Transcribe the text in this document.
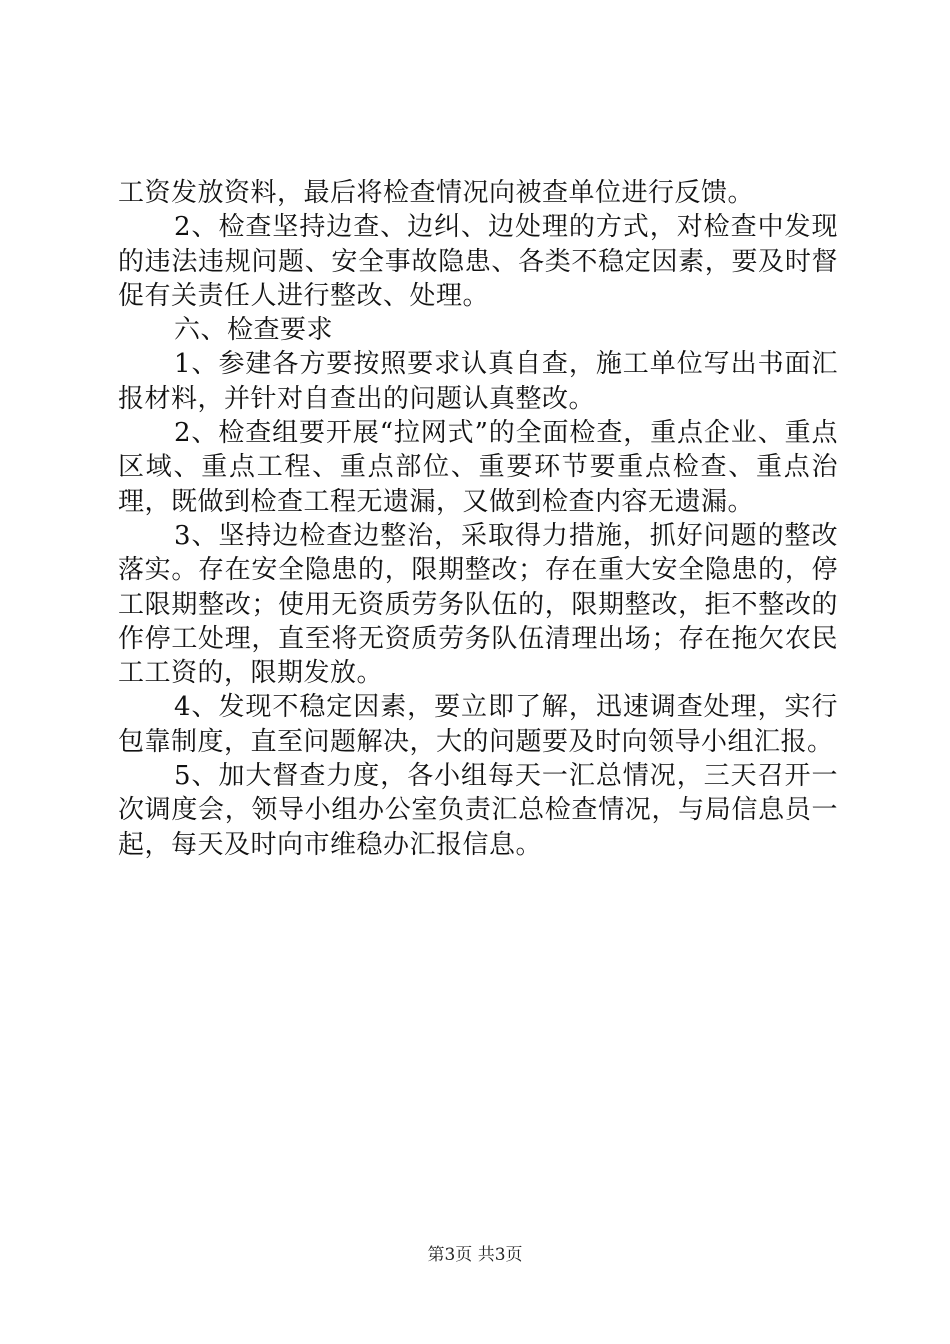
工资发放资料，最后将检查情况向被查单位进行反馈。

2、检查坚持边查、边纠、边处理的方式，对检查中发现的违法违规问题、安全事故隐患、各类不稳定因素，要及时督促有关责任人进行整改、处理。

六、检查要求

1、参建各方要按照要求认真自查，施工单位写出书面汇报材料，并针对自查出的问题认真整改。

2、检查组要开展“拉网式”的全面检查，重点企业、重点区域、重点工程、重点部位、重要环节要重点检查、重点治理，既做到检查工程无遗漏，又做到检查内容无遗漏。

3、坚持边检查边整治，采取得力措施，抓好问题的整改落实。存在安全隐患的，限期整改；存在重大安全隐患的，停工限期整改；使用无资质劳务队伍的，限期整改，拒不整改的作停工处理，直至将无资质劳务队伍清理出场；存在拖欠农民工工资的，限期发放。

4、发现不稳定因素，要立即了解，迅速调查处理，实行包靠制度，直至问题解决，大的问题要及时向领导小组汇报。

5、加大督查力度，各小组每天一汇总情况，三天召开一次调度会，领导小组办公室负责汇总检查情况，与局信息员一起，每天及时向市维稳办汇报信息。

第3页 共3页
